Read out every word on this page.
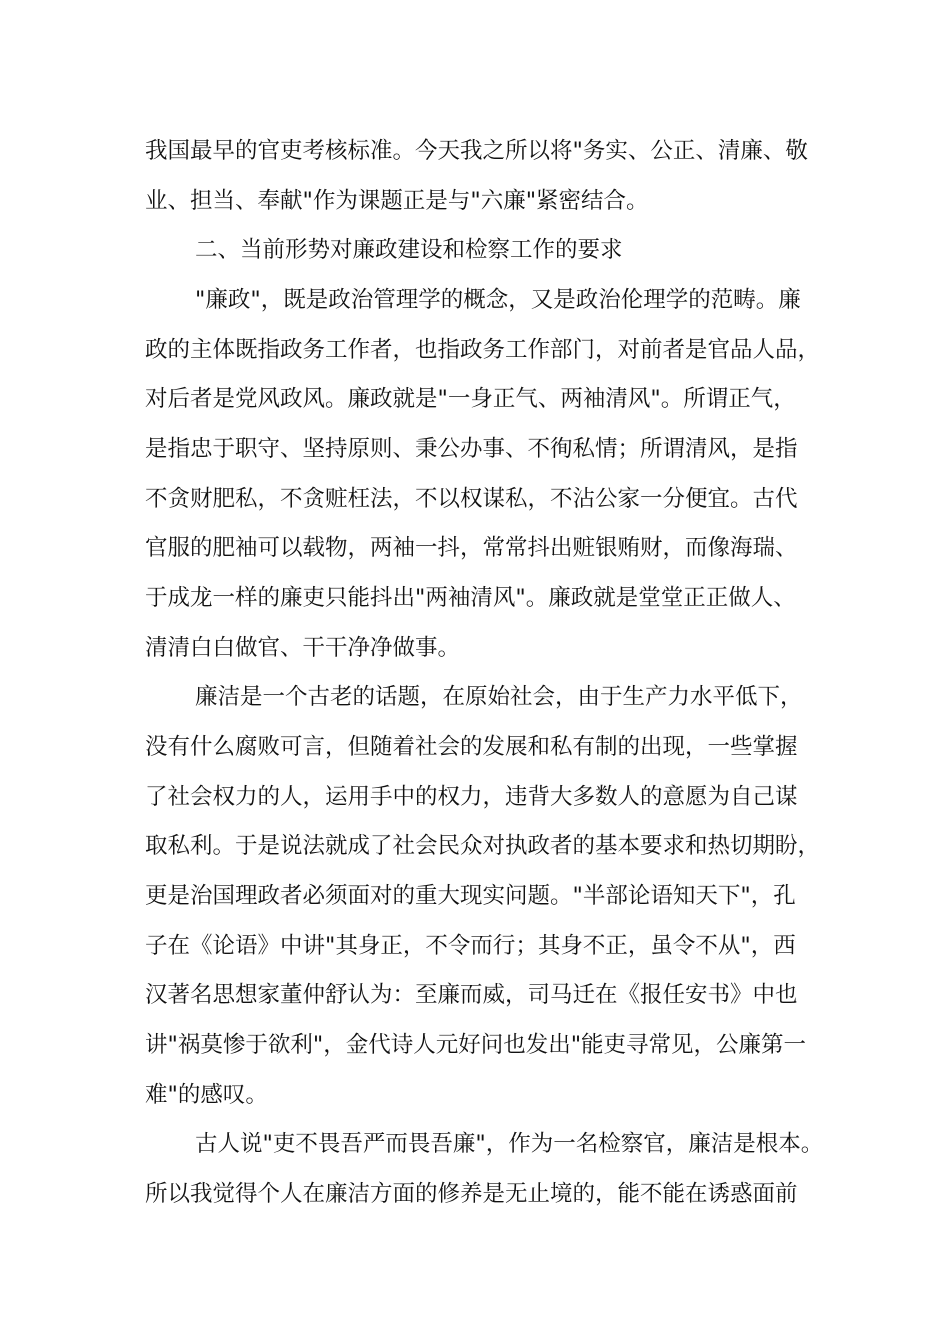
我国最早的官吏考核标准。今天我之所以将"务实、公正、清廉、敬
业、担当、奉献"作为课题正是与"六廉"紧密结合。
二、当前形势对廉政建设和检察工作的要求
"廉政"，既是政治管理学的概念，又是政治伦理学的范畴。廉
政的主体既指政务工作者，也指政务工作部门，对前者是官品人品，
对后者是党风政风。廉政就是"一身正气、两袖清风"。所谓正气，
是指忠于职守、坚持原则、秉公办事、不徇私情；所谓清风，是指
不贪财肥私，不贪赃枉法，不以权谋私，不沾公家一分便宜。古代
官服的肥袖可以载物，两袖一抖，常常抖出赃银贿财，而像海瑞、
于成龙一样的廉吏只能抖出"两袖清风"。廉政就是堂堂正正做人、
清清白白做官、干干净净做事。
廉洁是一个古老的话题，在原始社会，由于生产力水平低下，
没有什么腐败可言，但随着社会的发展和私有制的出现，一些掌握
了社会权力的人，运用手中的权力，违背大多数人的意愿为自己谋
取私利。于是说法就成了社会民众对执政者的基本要求和热切期盼，
更是治国理政者必须面对的重大现实问题。"半部论语知天下"，孔
子在《论语》中讲"其身正，不令而行；其身不正，虽令不从"，西
汉著名思想家董仲舒认为：至廉而威，司马迁在《报任安书》中也
讲"祸莫惨于欲利"，金代诗人元好问也发出"能吏寻常见，公廉第一
难"的感叹。
古人说"吏不畏吾严而畏吾廉"，作为一名检察官，廉洁是根本。
所以我觉得个人在廉洁方面的修养是无止境的，能不能在诱惑面前
